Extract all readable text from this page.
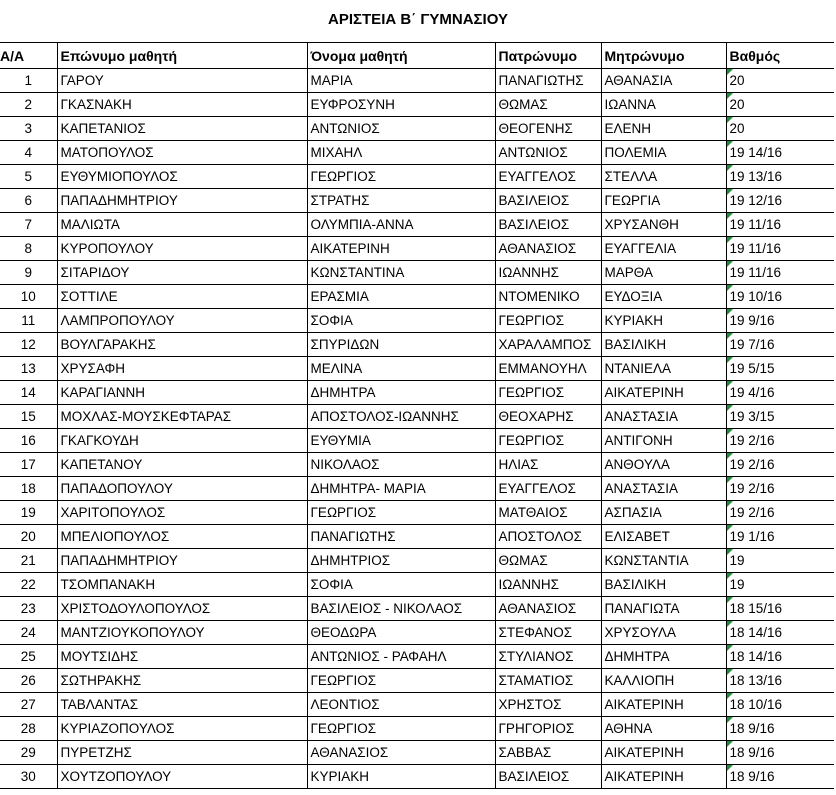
ΑΡΙΣΤΕΙΑ Β΄ ΓΥΜΝΑΣΙΟΥ
Α/Α	Επώνυμο μαθητή	Όνομα μαθητή	Πατρώνυμο	Μητρώνυμο	Βαθμός
1	ΓΑΡΟΥ	ΜΑΡΙΑ	ΠΑΝΑΓΙΩΤΗΣ	ΑΘΑΝΑΣΙΑ	20
2	ΓΚΑΣΝΑΚΗ	ΕΥΦΡΟΣΥΝΗ	ΘΩΜΑΣ	ΙΩΑΝΝΑ	20
3	ΚΑΠΕΤΑΝΙΟΣ	ΑΝΤΩΝΙΟΣ	ΘΕΟΓΕΝΗΣ	ΕΛΕΝΗ	20
4	ΜΑΤΟΠΟΥΛΟΣ	ΜΙΧΑΗΛ	ΑΝΤΩΝΙΟΣ	ΠΟΛΕΜΙΑ	19 14/16
5	ΕΥΘΥΜΙΟΠΟΥΛΟΣ	ΓΕΩΡΓΙΟΣ	ΕΥΑΓΓΕΛΟΣ	ΣΤΕΛΛΑ	19 13/16
6	ΠΑΠΑΔΗΜΗΤΡΙΟΥ	ΣΤΡΑΤΗΣ	ΒΑΣΙΛΕΙΟΣ	ΓΕΩΡΓΙΑ	19 12/16
7	ΜΑΛΙΩΤΑ	ΟΛΥΜΠΙΑ-ΑΝΝΑ	ΒΑΣΙΛΕΙΟΣ	ΧΡΥΣΑΝΘΗ	19 11/16
8	ΚΥΡΟΠΟΥΛΟΥ	ΑΙΚΑΤΕΡΙΝΗ	ΑΘΑΝΑΣΙΟΣ	ΕΥΑΓΓΕΛΙΑ	19 11/16
9	ΣΙΤΑΡΙΔΟΥ	ΚΩΝΣΤΑΝΤΙΝΑ	ΙΩΑΝΝΗΣ	ΜΑΡΘΑ	19 11/16
10	ΣΟΤΤΙΛΕ	ΕΡΑΣΜΙΑ	ΝΤΟΜΕΝΙΚΟ	ΕΥΔΟΞΙΑ	19 10/16
11	ΛΑΜΠΡΟΠΟΥΛΟΥ	ΣΟΦΙΑ	ΓΕΩΡΓΙΟΣ	ΚΥΡΙΑΚΗ	19 9/16
12	ΒΟΥΛΓΑΡΑΚΗΣ	ΣΠΥΡΙΔΩΝ	ΧΑΡΑΛΑΜΠΟΣ	ΒΑΣΙΛΙΚΗ	19 7/16
13	ΧΡΥΣΑΦΗ	ΜΕΛΙΝΑ	ΕΜΜΑΝΟΥΗΛ	ΝΤΑΝΙΕΛΑ	19 5/15
14	ΚΑΡΑΓΙΑΝΝΗ	ΔΗΜΗΤΡΑ	ΓΕΩΡΓΙΟΣ	ΑΙΚΑΤΕΡΙΝΗ	19 4/16
15	ΜΟΧΛΑΣ-ΜΟΥΣΚΕΦΤΑΡΑΣ	ΑΠΟΣΤΟΛΟΣ-ΙΩΑΝΝΗΣ	ΘΕΟΧΑΡΗΣ	ΑΝΑΣΤΑΣΙΑ	19 3/15
16	ΓΚΑΓΚΟΥΔΗ	ΕΥΘΥΜΙΑ	ΓΕΩΡΓΙΟΣ	ΑΝΤΙΓΟΝΗ	19 2/16
17	ΚΑΠΕΤΑΝΟΥ	ΝΙΚΟΛΑΟΣ	ΗΛΙΑΣ	ΑΝΘΟΥΛΑ	19 2/16
18	ΠΑΠΑΔΟΠΟΥΛΟΥ	ΔΗΜΗΤΡΑ- ΜΑΡΙΑ	ΕΥΑΓΓΕΛΟΣ	ΑΝΑΣΤΑΣΙΑ	19 2/16
19	ΧΑΡΙΤΟΠΟΥΛΟΣ	ΓΕΩΡΓΙΟΣ	ΜΑΤΘΑΙΟΣ	ΑΣΠΑΣΙΑ	19 2/16
20	ΜΠΕΛΙΟΠΟΥΛΟΣ	ΠΑΝΑΓΙΩΤΗΣ	ΑΠΟΣΤΟΛΟΣ	ΕΛΙΣΑΒΕΤ	19 1/16
21	ΠΑΠΑΔΗΜΗΤΡΙΟΥ	ΔΗΜΗΤΡΙΟΣ	ΘΩΜΑΣ	ΚΩΝΣΤΑΝΤΙΑ	19
22	ΤΣΟΜΠΑΝΑΚΗ	ΣΟΦΙΑ	ΙΩΑΝΝΗΣ	ΒΑΣΙΛΙΚΗ	19
23	ΧΡΙΣΤΟΔΟΥΛΟΠΟΥΛΟΣ	ΒΑΣΙΛΕΙΟΣ - ΝΙΚΟΛΑΟΣ	ΑΘΑΝΑΣΙΟΣ	ΠΑΝΑΓΙΩΤΑ	18 15/16
24	ΜΑΝΤΖΙΟΥΚΟΠΟΥΛΟΥ	ΘΕΟΔΩΡΑ	ΣΤΕΦΑΝΟΣ	ΧΡΥΣΟΥΛΑ	18 14/16
25	ΜΟΥΤΣΙΔΗΣ	ΑΝΤΩΝΙΟΣ - ΡΑΦΑΗΛ	ΣΤΥΛΙΑΝΟΣ	ΔΗΜΗΤΡΑ	18 14/16
26	ΣΩΤΗΡΑΚΗΣ	ΓΕΩΡΓΙΟΣ	ΣΤΑΜΑΤΙΟΣ	ΚΑΛΛΙΟΠΗ	18 13/16
27	ΤΑΒΛΑΝΤΑΣ	ΛΕΟΝΤΙΟΣ	ΧΡΗΣΤΟΣ	ΑΙΚΑΤΕΡΙΝΗ	18 10/16
28	ΚΥΡΙΑΖΟΠΟΥΛΟΣ	ΓΕΩΡΓΙΟΣ	ΓΡΗΓΟΡΙΟΣ	ΑΘΗΝΑ	18 9/16
29	ΠΥΡΕΤΖΗΣ	ΑΘΑΝΑΣΙΟΣ	ΣΑΒΒΑΣ	ΑΙΚΑΤΕΡΙΝΗ	18 9/16
30	ΧΟΥΤΖΟΠΟΥΛΟΥ	ΚΥΡΙΑΚΗ	ΒΑΣΙΛΕΙΟΣ	ΑΙΚΑΤΕΡΙΝΗ	18 9/16
